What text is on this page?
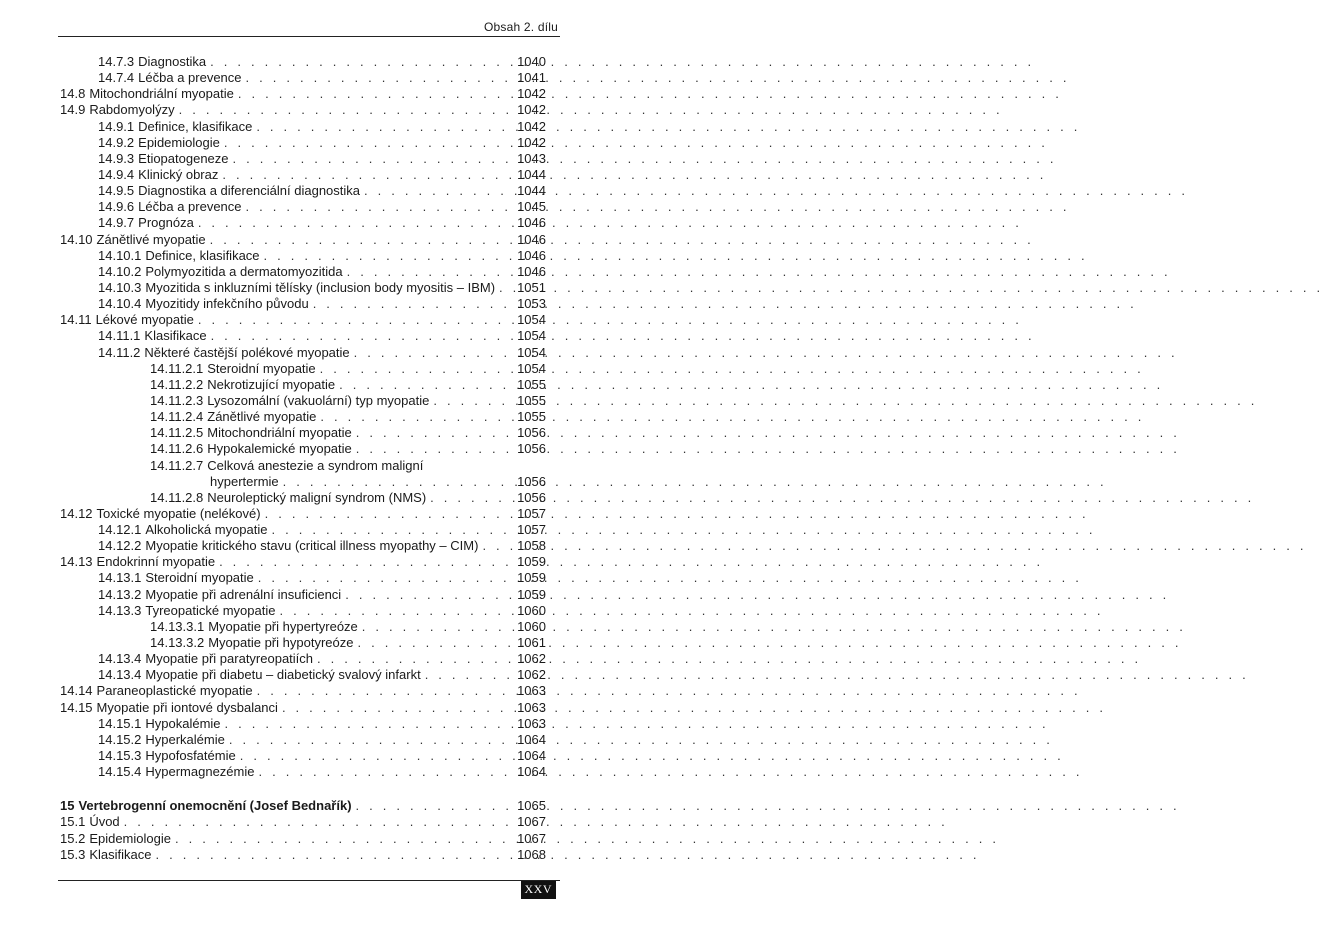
Obsah 2. dílu
14.7.3 Diagnostika . . .	1040
14.7.4 Léčba a prevence . . .	1041
14.8 Mitochondriální myopatie . . .	1042
14.9 Rabdomyolýzy . . .	1042
14.9.1 Definice, klasifikace . . .	1042
14.9.2 Epidemiologie . . .	1042
14.9.3 Etiopatogeneze . . .	1043
14.9.4 Klinický obraz . . .	1044
14.9.5 Diagnostika a diferenciální diagnostika . . .	1044
14.9.6 Léčba a prevence . . .	1045
14.9.7 Prognóza . . .	1046
14.10 Zánětlivé myopatie . . .	1046
14.10.1 Definice, klasifikace . . .	1046
14.10.2 Polymyozitida a dermatomyozitida . . .	1046
14.10.3 Myozitida s inkluzními tělísky (inclusion body myositis – IBM) . . . 1051
14.10.4 Myozitidy infekčního původu . . .	1053
14.11 Lékové myopatie . . .	1054
14.11.1 Klasifikace . . .	1054
14.11.2 Některé častější polékové myopatie . . .	1054
14.11.2.1 Steroidní myopatie . . .	1054
14.11.2.2 Nekrotizující myopatie . . .	1055
14.11.2.3 Lysozomální (vakuolární) typ myopatie . . .	1055
14.11.2.4 Zánětlivé myopatie . . .	1055
14.11.2.5 Mitochondriální myopatie . . .	1056
14.11.2.6 Hypokalemické myopatie . . .	1056
14.11.2.7 Celková anestezie a syndrom maligní
hypertermie . . .	1056
14.11.2.8 Neuroleptický maligní syndrom (NMS) . . .	1056
14.12 Toxické myopatie (nelékové) . . .	1057
14.12.1 Alkoholická myopatie . . .	1057
14.12.2 Myopatie kritického stavu (critical illness myopathy – CIM) . . .	1058
14.13 Endokrinní myopatie . . .	1059
14.13.1 Steroidní myopatie . . .	1059
14.13.2 Myopatie při adrenální insuficienci . . .	1059
14.13.3 Tyreopatické myopatie . . .	1060
14.13.3.1 Myopatie při hypertyreóze . . .	1060
14.13.3.2 Myopatie při hypotyreóze . . .	1061
14.13.4 Myopatie při paratyreopatiích . . .	1062
14.13.4 Myopatie při diabetu – diabetický svalový infarkt . . .	1062
14.14 Paraneoplastické myopatie . . .	1063
14.15 Myopatie při iontové dysbalanci . . .	1063
14.15.1 Hypokalémie . . .	1063
14.15.2 Hyperkalémie . . .	1064
14.15.3 Hypofosfatémie . . .	1064
14.15.4 Hypermagnezémie . . .	1064
15 Vertebrogenní onemocnění (Josef Bednařík) . . .	1065
15.1 Úvod . . .	1067
15.2 Epidemiologie . . .	1067
15.3 Klasifikace . . .	1068
XXV
